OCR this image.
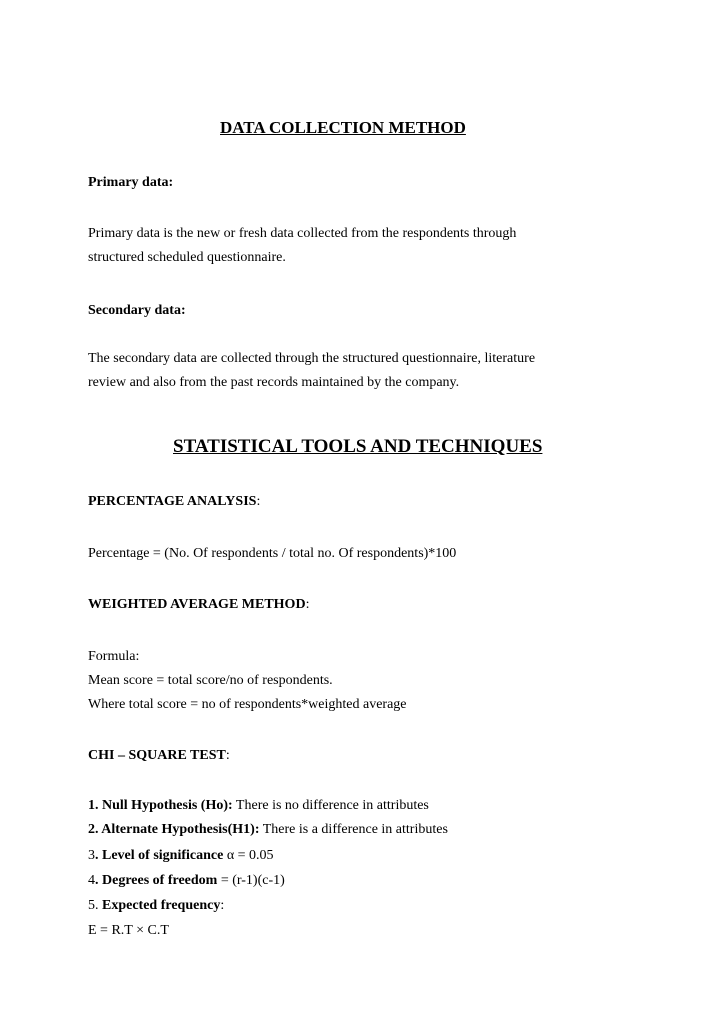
DATA COLLECTION METHOD
Primary data:
Primary data is the new or fresh data collected from the respondents through
structured scheduled questionnaire.
Secondary data:
The secondary data are collected through the structured questionnaire, literature
review and also from the past records maintained by the company.
STATISTICAL TOOLS AND TECHNIQUES
PERCENTAGE ANALYSIS:
Percentage = (No. Of respondents / total no. Of respondents)*100
WEIGHTED AVERAGE METHOD:
Formula:
Mean score = total score/no of respondents.
Where total score = no of respondents*weighted average
CHI – SQUARE TEST:
1. Null Hypothesis (Ho): There is no difference in attributes
2. Alternate Hypothesis(H1): There is a difference in attributes
3. Level of significance α = 0.05
4. Degrees of freedom = (r-1)(c-1)
5. Expected frequency:
E = R.T × C.T
